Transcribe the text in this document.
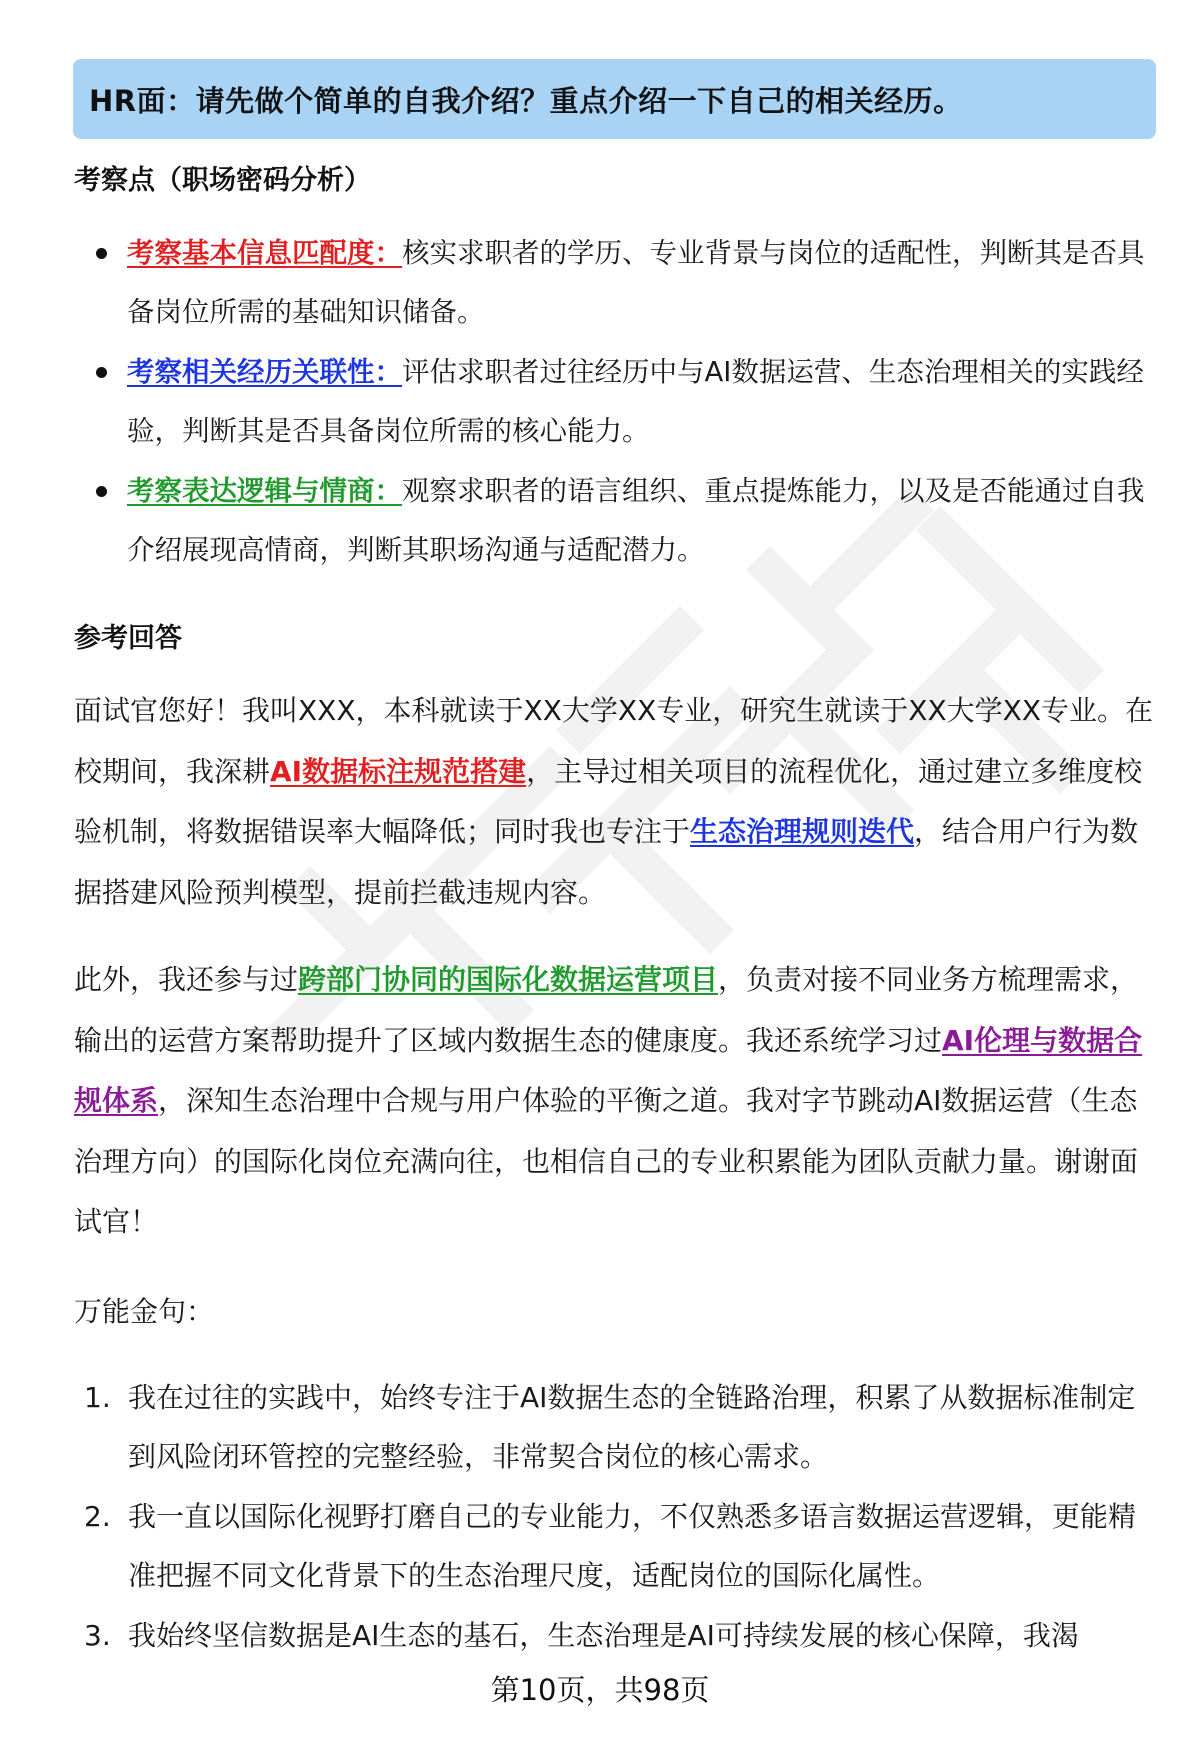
HR面：请先做个简单的自我介绍？重点介绍一下自己的相关经历。
考察点（职场密码分析）
考察基本信息匹配度：核实求职者的学历、专业背景与岗位的适配性，判断其是否具备岗位所需的基础知识储备。
考察相关经历关联性：评估求职者过往经历中与AI数据运营、生态治理相关的实践经验，判断其是否具备岗位所需的核心能力。
考察表达逻辑与情商：观察求职者的语言组织、重点提炼能力，以及是否能通过自我介绍展现高情商，判断其职场沟通与适配潜力。
参考回答

面试官您好！我叫XXX，本科就读于XX大学XX专业，研究生就读于XX大学XX专业。在校期间，我深耕AI数据标注规范搭建，主导过相关项目的流程优化，通过建立多维度校验机制，将数据错误率大幅降低；同时我也专注于生态治理规则迭代，结合用户行为数据搭建风险预判模型，提前拦截违规内容。

此外，我还参与过跨部门协同的国际化数据运营项目，负责对接不同业务方梳理需求，输出的运营方案帮助提升了区域内数据生态的健康度。我还系统学习过AI伦理与数据合规体系，深知生态治理中合规与用户体验的平衡之道。我对字节跳动AI数据运营（生态治理方向）的国际化岗位充满向往，也相信自己的专业积累能为团队贡献力量。谢谢面试官！

万能金句：
1. 我在过往的实践中，始终专注于AI数据生态的全链路治理，积累了从数据标准制定到风险闭环管控的完整经验，非常契合岗位的核心需求。
2. 我一直以国际化视野打磨自己的专业能力，不仅熟悉多语言数据运营逻辑，更能精准把握不同文化背景下的生态治理尺度，适配岗位的国际化属性。
3. 我始终坚信数据是AI生态的基石，生态治理是AI可持续发展的核心保障，我渴
第10页，共98页
